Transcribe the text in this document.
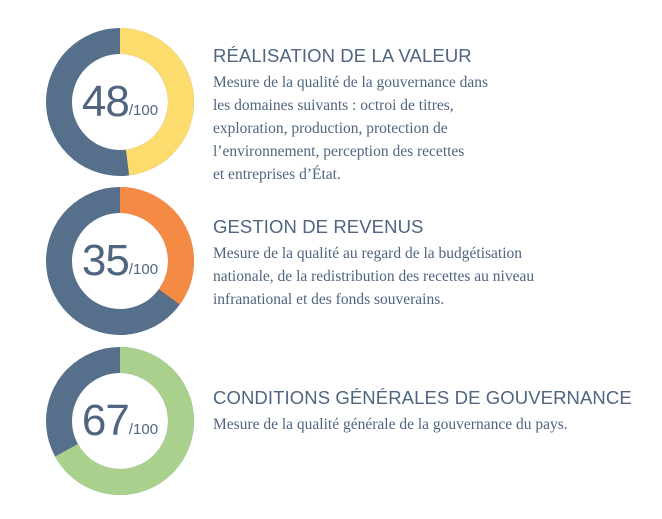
48 /100
RÉALISATION DE LA VALEUR
Mesure de la qualité de la gouvernance dans
les domaines suivants : octroi de titres,
exploration, production, protection de
l’environnement, perception des recettes
et entreprises d’État.
35 /100
GESTION DE REVENUS
Mesure de la qualité au regard de la budgétisation
nationale, de la redistribution des recettes au niveau
infranational et des fonds souverains.
67 /100
CONDITIONS GÉNÉRALES DE GOUVERNANCE
Mesure de la qualité générale de la gouvernance du pays.
